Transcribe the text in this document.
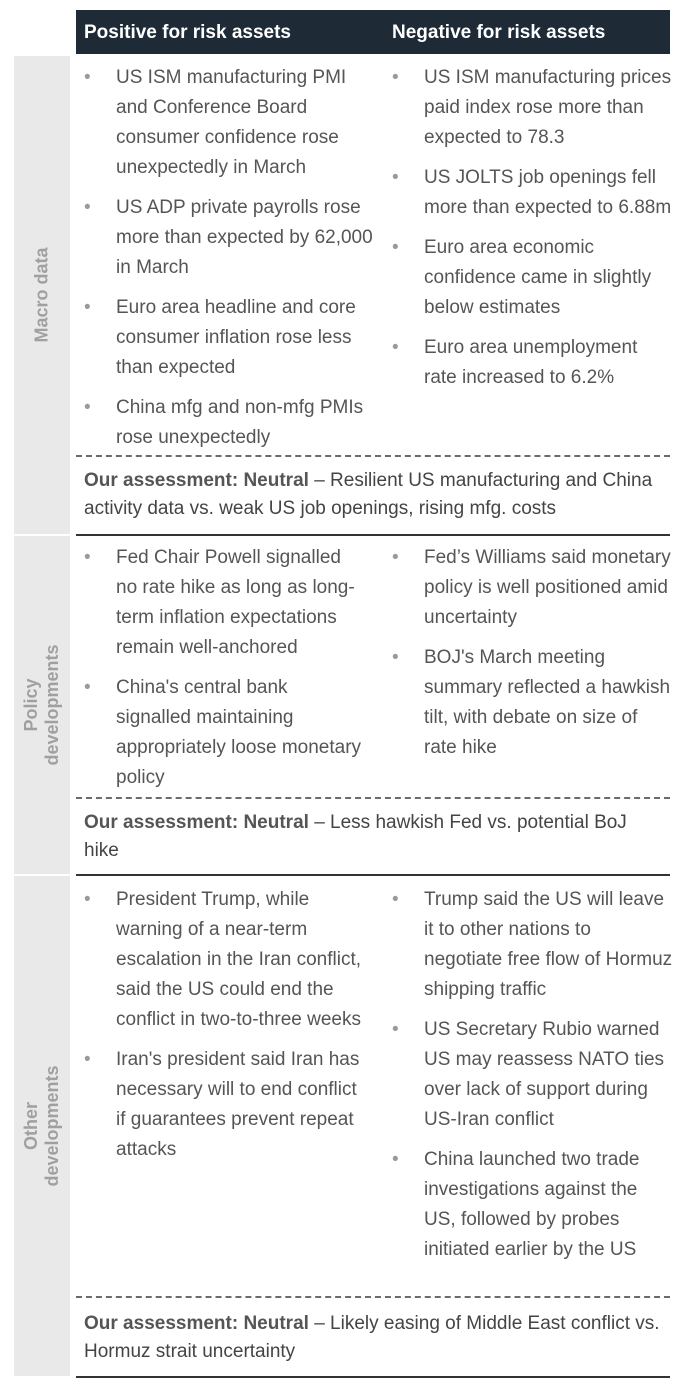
Positive for risk assets	Negative for risk assets
Macro data
• US ISM manufacturing PMI and Conference Board consumer confidence rose unexpectedly in March
• US ADP private payrolls rose more than expected by 62,000 in March
• Euro area headline and core consumer inflation rose less than expected
• China mfg and non-mfg PMIs rose unexpectedly
• US ISM manufacturing prices paid index rose more than expected to 78.3
• US JOLTS job openings fell more than expected to 6.88m
• Euro area economic confidence came in slightly below estimates
• Euro area unemployment rate increased to 6.2%
Our assessment: Neutral – Resilient US manufacturing and China activity data vs. weak US job openings, rising mfg. costs
Policy developments
• Fed Chair Powell signalled no rate hike as long as long-term inflation expectations remain well-anchored
• China's central bank signalled maintaining appropriately loose monetary policy
• Fed’s Williams said monetary policy is well positioned amid uncertainty
• BOJ's March meeting summary reflected a hawkish tilt, with debate on size of rate hike
Our assessment: Neutral – Less hawkish Fed vs. potential BoJ hike
Other developments
• President Trump, while warning of a near-term escalation in the Iran conflict, said the US could end the conflict in two-to-three weeks
• Iran's president said Iran has necessary will to end conflict if guarantees prevent repeat attacks
• Trump said the US will leave it to other nations to negotiate free flow of Hormuz shipping traffic
• US Secretary Rubio warned US may reassess NATO ties over lack of support during US-Iran conflict
• China launched two trade investigations against the US, followed by probes initiated earlier by the US
Our assessment: Neutral – Likely easing of Middle East conflict vs. Hormuz strait uncertainty
